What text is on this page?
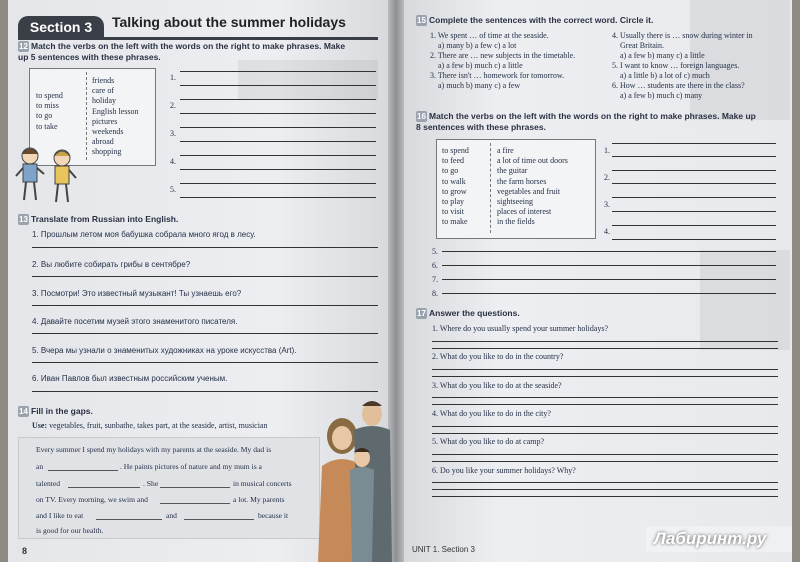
Section 3	Talking about the summer holidays
12 Match the verbs on the left with the words on the right to make phrases. Make up 5 sentences with these phrases.
to spend
to miss
to go
to take
friends
care of
holiday
English lesson
pictures
weekends
abroad
shopping
1.
2.
3.
4.
5.
13 Translate from Russian into English.
1. Прошлым летом моя бабушка собрала много ягод в лесу.
2. Вы любите собирать грибы в сентябре?
3. Посмотри! Это известный музыкант! Ты узнаешь его?
4. Давайте посетим музей этого знаменитого писателя.
5. Вчера мы узнали о знаменитых художниках на уроке искусства (Art).
6. Иван Павлов был известным российским ученым.
14 Fill in the gaps.
Use: vegetables, fruit, sunbathe, takes part, at the seaside, artist, musician
Every summer I spend my holidays with my parents at the seaside. My dad is
an	. He paints pictures of nature and my mum is a
talented	. She	in musical concerts
on TV. Every morning, we swim and	a lot. My parents
and I like to eat	and	because it
is good for our health.
8
15 Complete the sentences with the correct word. Circle it.
1. We spent … of time at the seaside.
a) many b) a few c) a lot
2. There are … new subjects in the timetable.
a) a few b) much c) a little
3. There isn't … homework for tomorrow.
a) much b) many c) a few
4. Usually there is … snow during winter in
Great Britain.
a) a few b) many c) a little
5. I want to know … foreign languages.
a) a little b) a lot of c) much
6. How … students are there in the class?
a) a few b) much c) many
16 Match the verbs on the left with the words on the right to make phrases. Make up 8 sentences with these phrases.
to spend
to feed
to go
to walk
to grow
to play
to visit
to make
a fire
a lot of time out doors
the guitar
the farm horses
vegetables and fruit
sightseeing
places of interest
in the fields
1.
2.
3.
4.
5.
6.
7.
8.
17 Answer the questions.
1. Where do you usually spend your summer holidays?
2. What do you like to do in the country?
3. What do you like to do at the seaside?
4. What do you like to do in the city?
5. What do you like to do at camp?
6. Do you like your summer holidays? Why?
UNIT 1. Section 3
Лабиринт.ру
